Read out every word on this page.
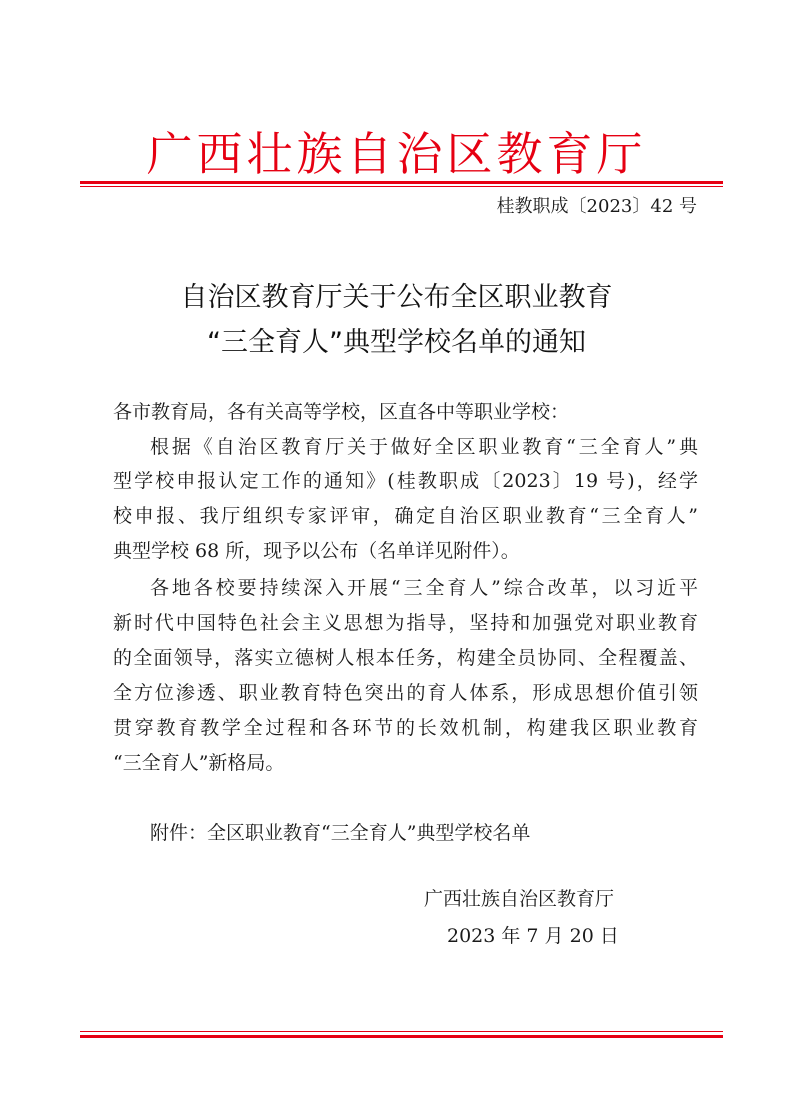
广西壮族自治区教育厅
桂教职成〔2023〕42 号
自治区教育厅关于公布全区职业教育
“三全育人”典型学校名单的通知
各市教育局，各有关高等学校，区直各中等职业学校：
根据《自治区教育厅关于做好全区职业教育“三全育人”典
型学校申报认定工作的通知》(桂教职成〔2023〕19 号)，经学
校申报、我厅组织专家评审，确定自治区职业教育“三全育人”
典型学校 68 所，现予以公布（名单详见附件）。
各地各校要持续深入开展“三全育人”综合改革，以习近平
新时代中国特色社会主义思想为指导，坚持和加强党对职业教育
的全面领导，落实立德树人根本任务，构建全员协同、全程覆盖、
全方位渗透、职业教育特色突出的育人体系，形成思想价值引领
贯穿教育教学全过程和各环节的长效机制，构建我区职业教育
“三全育人”新格局。
附件：全区职业教育“三全育人”典型学校名单
广西壮族自治区教育厅
2023 年 7 月 20 日
